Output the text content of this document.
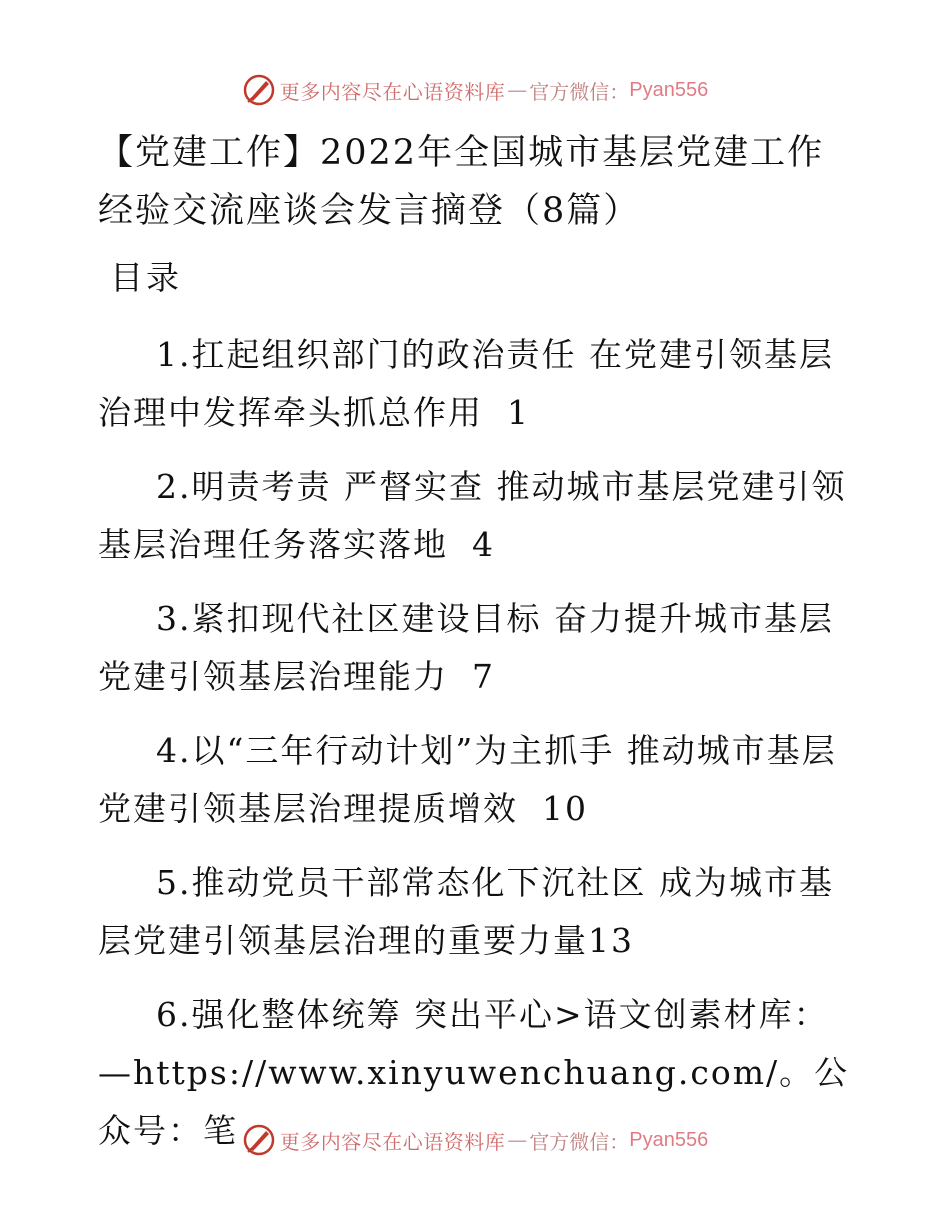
更多内容尽在心语资料库 — 官方微信： Pyan556
【党建工作】2022年全国城市基层党建工作经验交流座谈会发言摘登（8篇）
目录
1.扛起组织部门的政治责任 在党建引领基层治理中发挥牵头抓总作用 1
2.明责考责 严督实查 推动城市基层党建引领基层治理任务落实落地 4
3.紧扣现代社区建设目标 奋力提升城市基层党建引领基层治理能力 7
4.以“三年行动计划”为主抓手 推动城市基层党建引领基层治理提质增效 10
5.推动党员干部常态化下沉社区 成为城市基层党建引领基层治理的重要力量13
6.强化整体统筹 突出平心>语文创素材库：—https://www.xinyuwenchuang.com/。公众号：笔	更多内容尽在心语资料库 — 官方微信： Pyan556
